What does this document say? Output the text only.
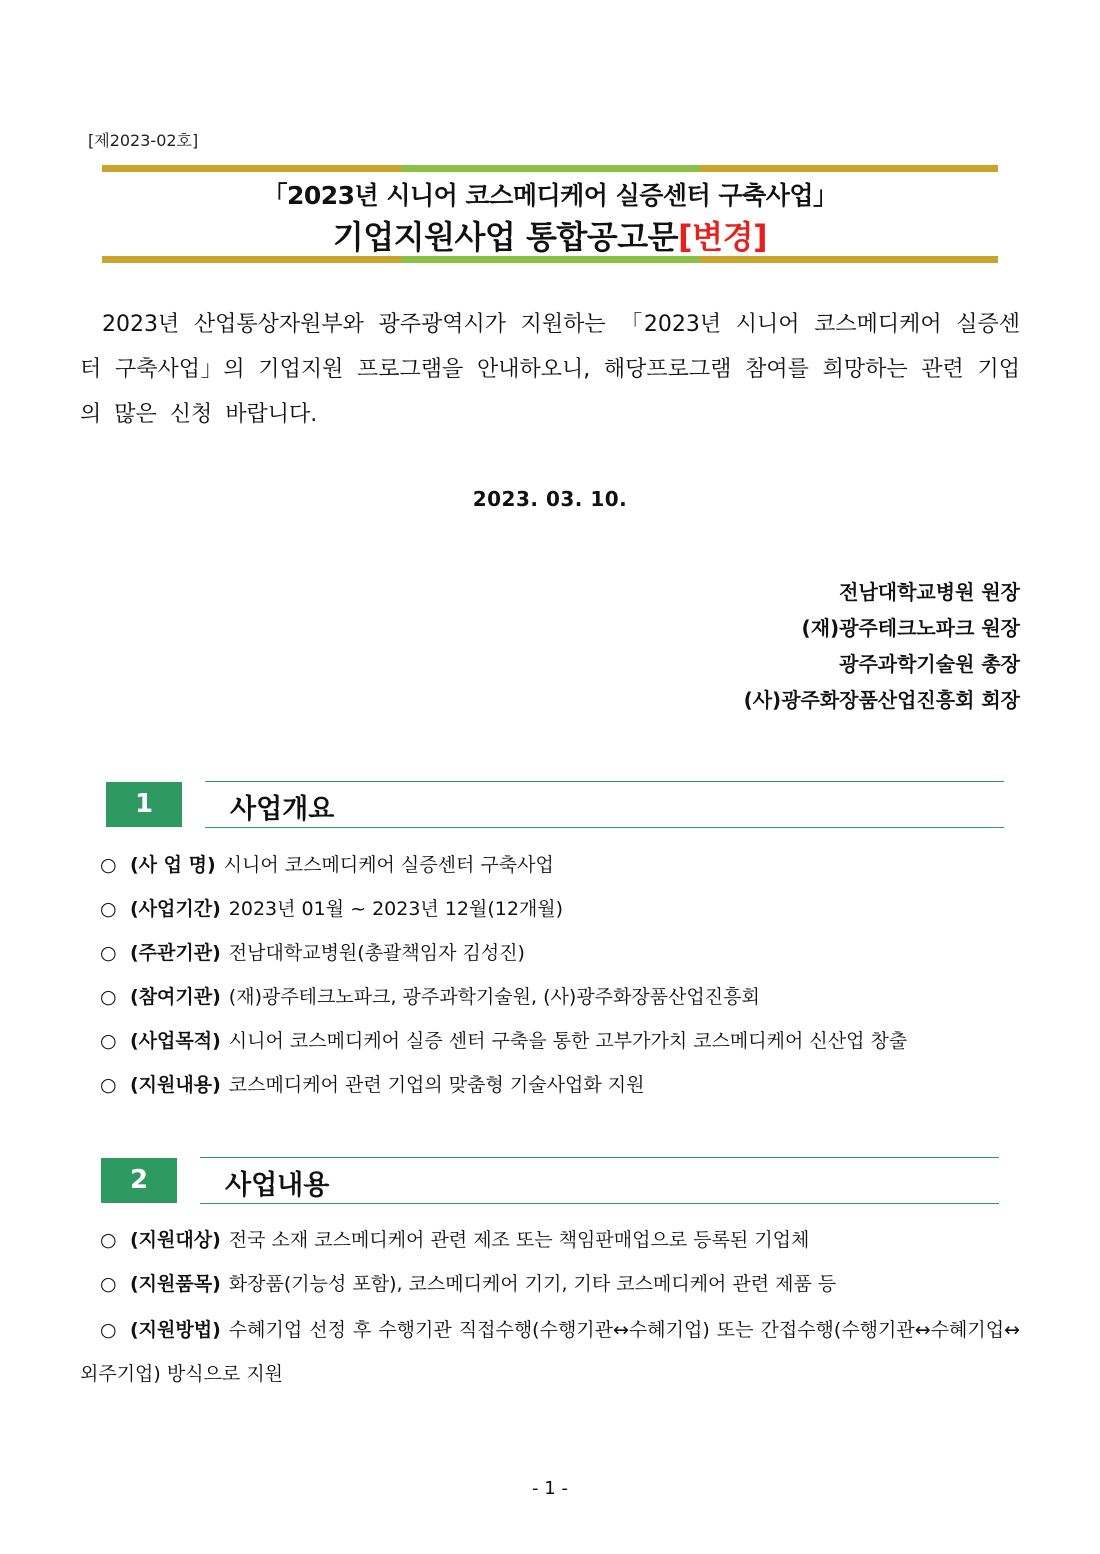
[제2023-02호]
「2023년 시니어 코스메디케어 실증센터 구축사업」
기업지원사업 통합공고문[변경]
2023년 산업통상자원부와 광주광역시가 지원하는 「2023년 시니어 코스메디케어 실증센터 구축사업」의 기업지원 프로그램을 안내하오니, 해당프로그램 참여를 희망하는 관련 기업의 많은 신청 바랍니다.
2023. 03. 10.
전남대학교병원 원장
(재)광주테크노파크 원장
광주과학기술원 총장
(사)광주화장품산업진흥회 회장
1	사업개요
○ (사 업 명) 시니어 코스메디케어 실증센터 구축사업
○ (사업기간) 2023년 01월 ~ 2023년 12월(12개월)
○ (주관기관) 전남대학교병원(총괄책임자 김성진)
○ (참여기관) (재)광주테크노파크, 광주과학기술원, (사)광주화장품산업진흥회
○ (사업목적) 시니어 코스메디케어 실증 센터 구축을 통한 고부가가치 코스메디케어 신산업 창출
○ (지원내용) 코스메디케어 관련 기업의 맞춤형 기술사업화 지원
2	사업내용
○ (지원대상) 전국 소재 코스메디케어 관련 제조 또는 책임판매업으로 등록된 기업체
○ (지원품목) 화장품(기능성 포함), 코스메디케어 기기, 기타 코스메디케어 관련 제품 등
○ (지원방법) 수혜기업 선정 후 수행기관 직접수행(수행기관↔수혜기업) 또는 간접수행(수행기관↔수혜기업↔외주기업) 방식으로 지원
- 1 -
